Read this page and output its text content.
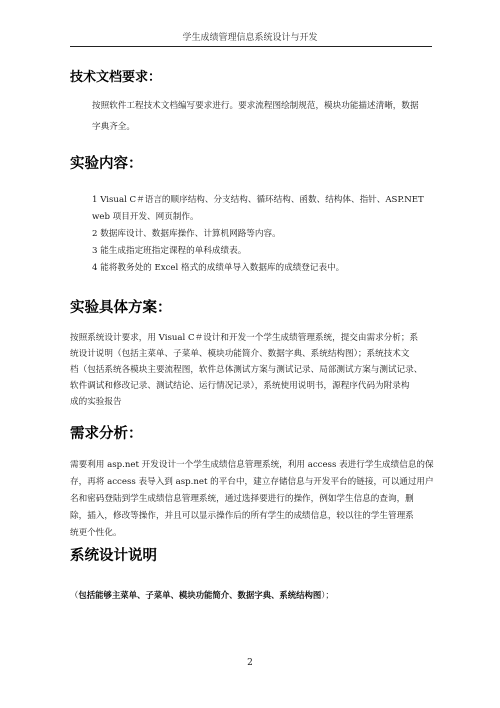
学生成绩管理信息系统设计与开发
技术文档要求：

按照软件工程技术文档编写要求进行。要求流程图绘制规范，模块功能描述清晰，数据

字典齐全。

实验内容：

1 Visual C＃语言的顺序结构、分支结构、循环结构、函数、结构体、指针、ASP.NET

web 项目开发、网页制作。

2 数据库设计、数据库操作、计算机网路等内容。

3 能生成指定班指定课程的单科成绩表。

4 能将教务处的 Excel 格式的成绩单导入数据库的成绩登记表中。

实验具体方案：

按照系统设计要求，用 Visual C＃设计和开发一个学生成绩管理系统，提交由需求分析；系

统设计说明（包括主菜单、子菜单、模块功能简介、数据字典、系统结构图）；系统技术文

档（包括系统各模块主要流程图，软件总体测试方案与测试记录、局部测试方案与测试记录、

软件调试和修改记录、测试结论、运行情况记录），系统使用说明书，源程序代码为附录构

成的实验报告

需求分析：

需要利用 asp.net 开发设计一个学生成绩信息管理系统，利用 access 表进行学生成绩信息的保

存，再将 access 表导入到 asp.net 的平台中，建立存储信息与开发平台的链接，可以通过用户

名和密码登陆到学生成绩信息管理系统，通过选择要进行的操作，例如学生信息的查询，删

除，插入，修改等操作，并且可以显示操作后的所有学生的成绩信息，较以往的学生管理系

统更个性化。

系统设计说明

（包括能够主菜单、子菜单、模块功能简介、数据字典、系统结构图）；

2
